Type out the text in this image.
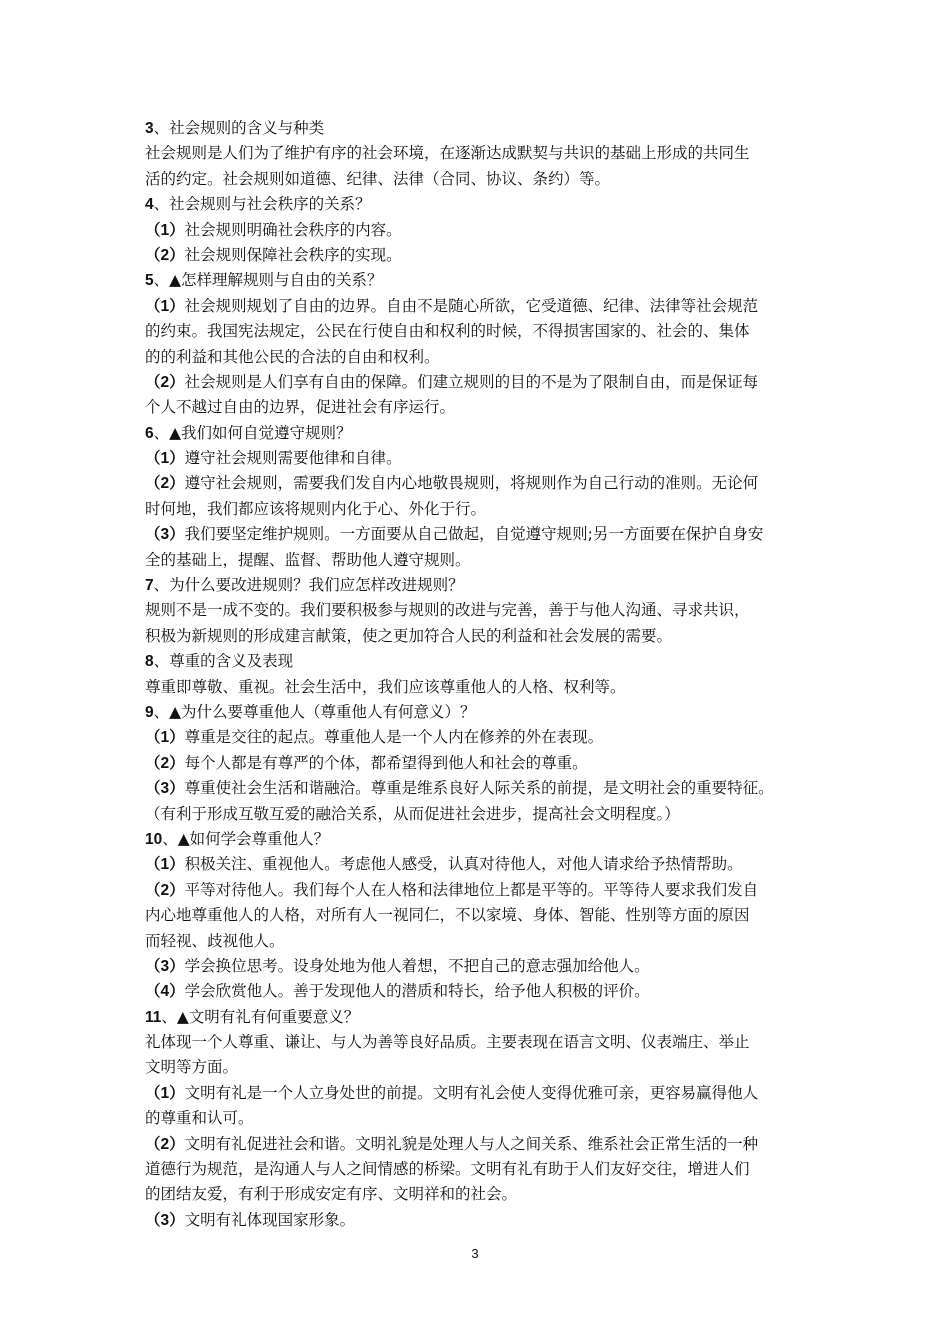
3、社会规则的含义与种类
社会规则是人们为了维护有序的社会环境，在逐渐达成默契与共识的基础上形成的共同生
活的约定。社会规则如道德、纪律、法律（合同、协议、条约）等。
4、社会规则与社会秩序的关系？
（1）社会规则明确社会秩序的内容。
（2）社会规则保障社会秩序的实现。
5、▲怎样理解规则与自由的关系？
（1）社会规则规划了自由的边界。自由不是随心所欲，它受道德、纪律、法律等社会规范
的约束。我国宪法规定，公民在行使自由和权利的时候，不得损害国家的、社会的、集体
的的利益和其他公民的合法的自由和权利。
（2）社会规则是人们享有自由的保障。们建立规则的目的不是为了限制自由，而是保证每
个人不越过自由的边界，促进社会有序运行。
6、▲我们如何自觉遵守规则？
（1）遵守社会规则需要他律和自律。
（2）遵守社会规则，需要我们发自内心地敬畏规则，将规则作为自己行动的准则。无论何
时何地，我们都应该将规则内化于心、外化于行。
（3）我们要坚定维护规则。一方面要从自己做起，自觉遵守规则;另一方面要在保护自身安
全的基础上，提醒、监督、帮助他人遵守规则。
7、为什么要改进规则？我们应怎样改进规则？
规则不是一成不变的。我们要积极参与规则的改进与完善，善于与他人沟通、寻求共识，
积极为新规则的形成建言献策，使之更加符合人民的利益和社会发展的需要。
8、尊重的含义及表现
尊重即尊敬、重视。社会生活中，我们应该尊重他人的人格、权利等。
9、▲为什么要尊重他人（尊重他人有何意义）？
（1）尊重是交往的起点。尊重他人是一个人内在修养的外在表现。
（2）每个人都是有尊严的个体，都希望得到他人和社会的尊重。
（3）尊重使社会生活和谐融洽。尊重是维系良好人际关系的前提，是文明社会的重要特征。
（有利于形成互敬互爱的融洽关系，从而促进社会进步，提高社会文明程度。）
10、▲如何学会尊重他人？
（1）积极关注、重视他人。考虑他人感受，认真对待他人，对他人请求给予热情帮助。
（2）平等对待他人。我们每个人在人格和法律地位上都是平等的。平等待人要求我们发自
内心地尊重他人的人格，对所有人一视同仁，不以家境、身体、智能、性别等方面的原因
而轻视、歧视他人。
（3）学会换位思考。设身处地为他人着想，不把自己的意志强加给他人。
（4）学会欣赏他人。善于发现他人的潜质和特长，给予他人积极的评价。
11、▲文明有礼有何重要意义？
礼体现一个人尊重、谦让、与人为善等良好品质。主要表现在语言文明、仪表端庄、举止
文明等方面。
（1）文明有礼是一个人立身处世的前提。文明有礼会使人变得优雅可亲，更容易赢得他人
的尊重和认可。
（2）文明有礼促进社会和谐。文明礼貌是处理人与人之间关系、维系社会正常生活的一种
道德行为规范，是沟通人与人之间情感的桥梁。文明有礼有助于人们友好交往，增进人们
的团结友爱，有利于形成安定有序、文明祥和的社会。
（3）文明有礼体现国家形象。
3
